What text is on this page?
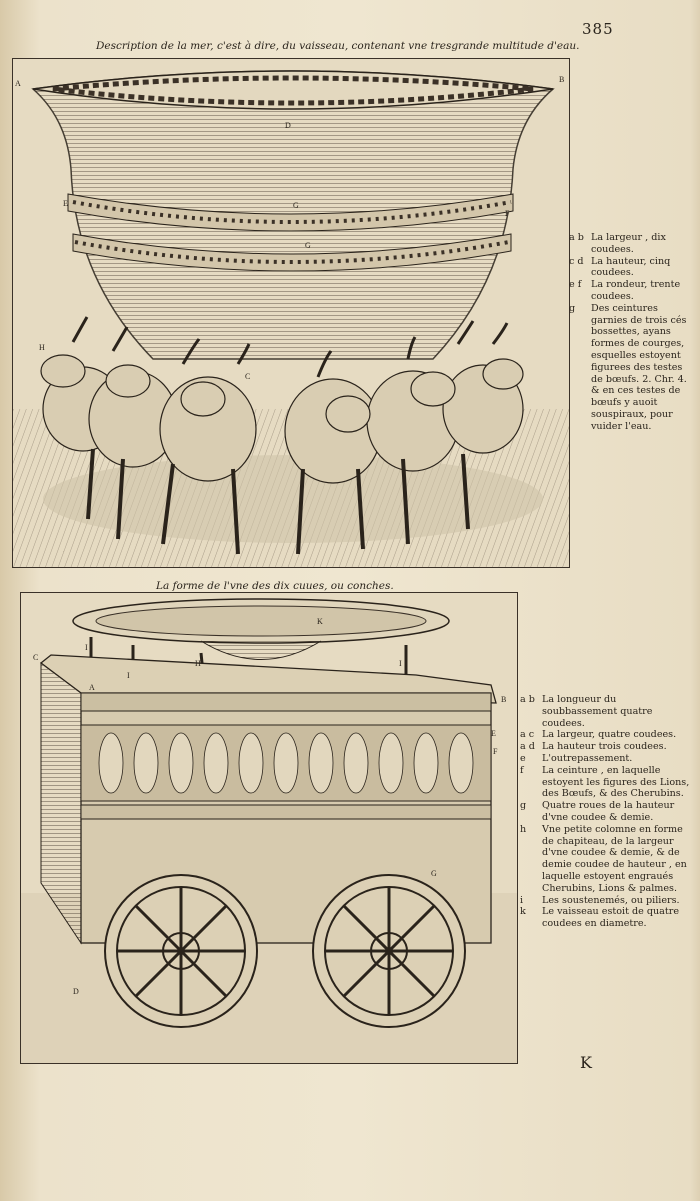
385
Description de la mer, c'est à dire, du vaisseau, contenant vne tresgrande multitude d'eau.
A	B
D
E
F
G
G
H
C
a b La largeur , dix coudees.
c d La hauteur, cinq coudees.
e f	La rondeur, trente coudees.
g	Des ceintures garnies de trois cés bossettes, ayans formes de courges, esquelles estoyent figurees des testes de bœufs. 2. Chr. 4. & en ces testes de bœufs y auoit souspiraux, pour vuider l'eau.
La forme de l'vne des dix cuues, ou conches.
C
A
B
E
F
G
H
I
I
I
K
D
a b La longueur du soubbassement quatre coudees.
a c La largeur, quatre coudees.
a d La hauteur trois coudees.
e	L'outrepassement.
f	La ceinture , en laquelle estoyent les figures des Lions, des Bœufs, & des Cherubins.
g	Quatre roues de la hauteur d'vne coudee & demie.
h	Vne petite colomne en forme de chapiteau, de la largeur d'vne coudee & demie, & de demie coudee de hauteur , en laquelle estoyent engraués Cherubins, Lions & palmes.
i	Les soustenemés, ou piliers.
k	Le vaisseau estoit de quatre coudees en diametre.
K
